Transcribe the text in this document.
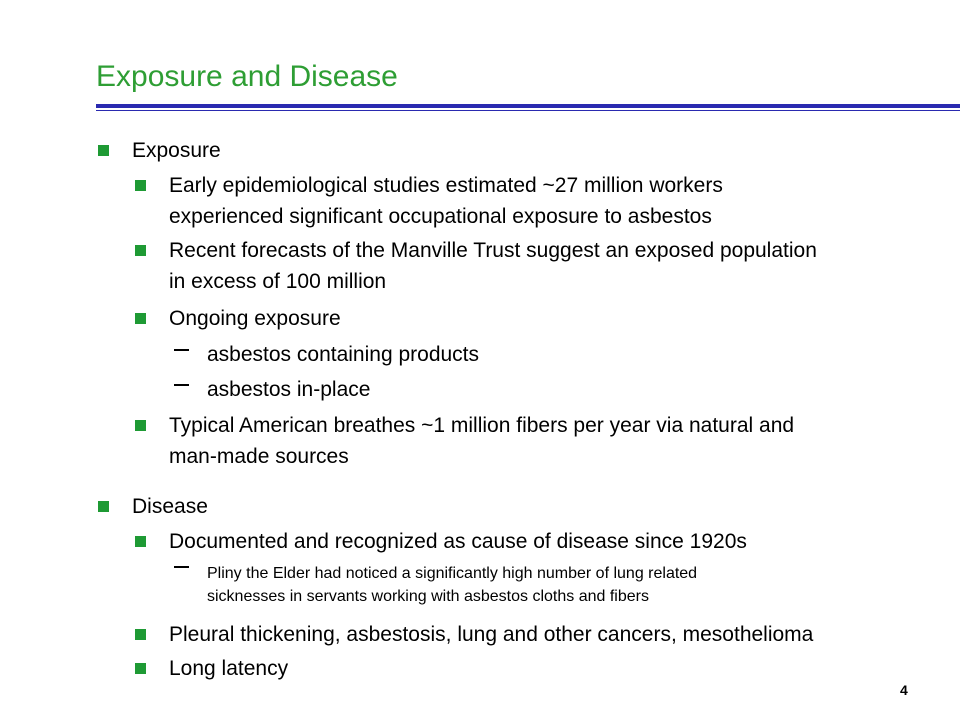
Exposure and Disease
Exposure
Early epidemiological studies estimated ~27 million workers
experienced significant occupational exposure to asbestos
Recent forecasts of the Manville Trust suggest an exposed population
in excess of 100 million
Ongoing exposure
asbestos containing products
asbestos in-place
Typical American breathes ~1 million fibers per year via natural and
man-made sources
Disease
Documented and recognized as cause of disease since 1920s
Pliny the Elder had noticed a significantly high number of lung related
sicknesses in servants working with asbestos cloths and fibers
Pleural thickening, asbestosis, lung and other cancers, mesothelioma
Long latency
4
